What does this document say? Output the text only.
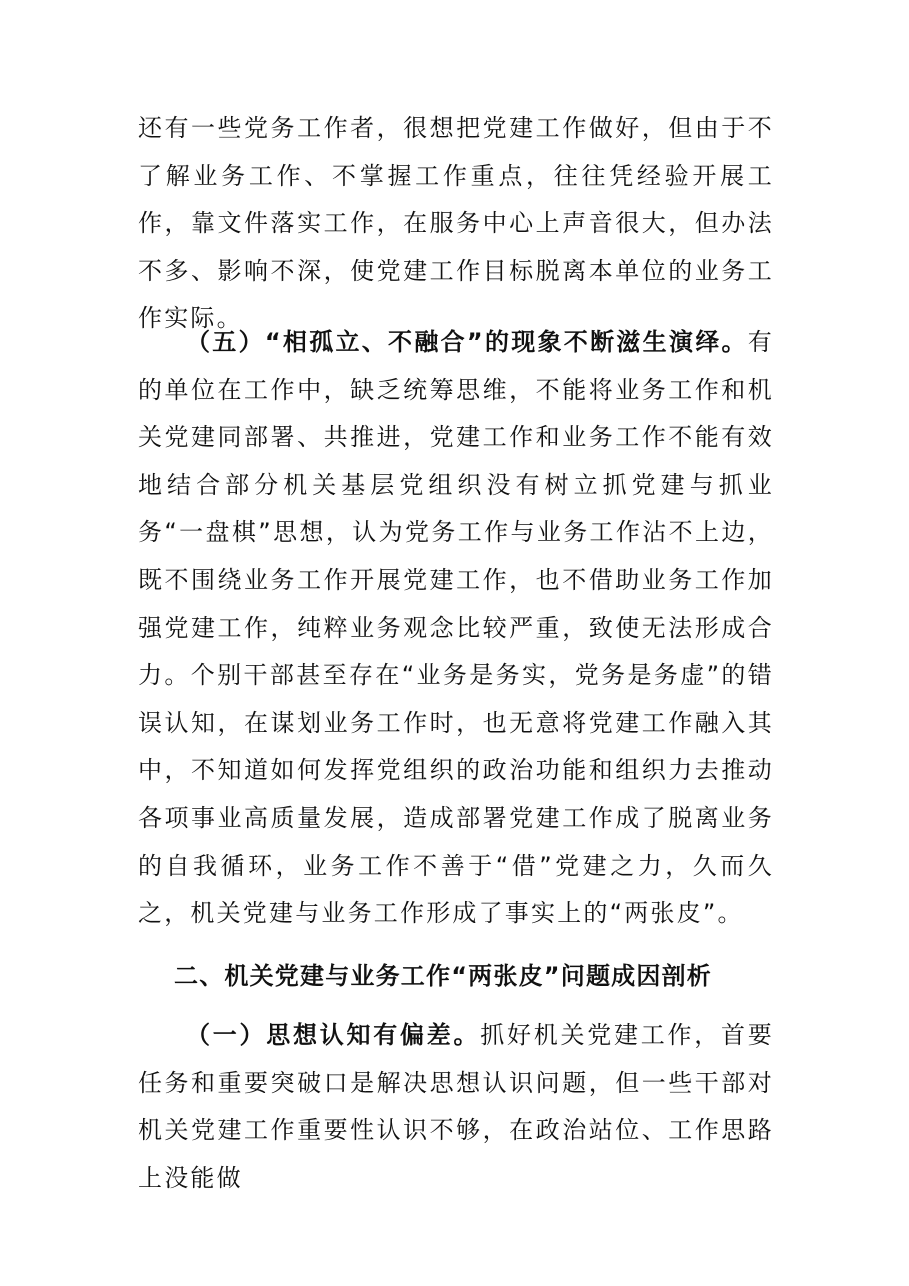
还有一些党务工作者，很想把党建工作做好，但由于不了解业务工作、不掌握工作重点，往往凭经验开展工作，靠文件落实工作，在服务中心上声音很大，但办法不多、影响不深，使党建工作目标脱离本单位的业务工作实际。

（五）“相孤立、不融合”的现象不断滋生演绎。有的单位在工作中，缺乏统筹思维，不能将业务工作和机关党建同部署、共推进，党建工作和业务工作不能有效地结合部分机关基层党组织没有树立抓党建与抓业务“一盘棋”思想，认为党务工作与业务工作沾不上边，既不围绕业务工作开展党建工作，也不借助业务工作加强党建工作，纯粹业务观念比较严重，致使无法形成合力。个别干部甚至存在“业务是务实，党务是务虚”的错误认知，在谋划业务工作时，也无意将党建工作融入其中，不知道如何发挥党组织的政治功能和组织力去推动各项事业高质量发展，造成部署党建工作成了脱离业务的自我循环，业务工作不善于“借”党建之力，久而久之，机关党建与业务工作形成了事实上的“两张皮”。

二、机关党建与业务工作“两张皮”问题成因剖析

（一）思想认知有偏差。抓好机关党建工作，首要任务和重要突破口是解决思想认识问题，但一些干部对机关党建工作重要性认识不够，在政治站位、工作思路上没能做
